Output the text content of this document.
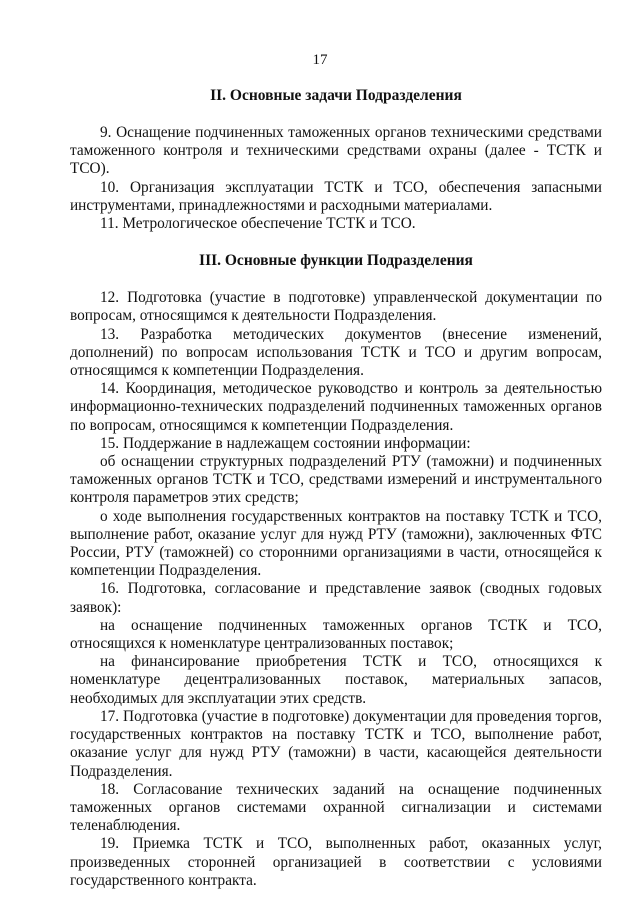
17
II. Основные задачи Подразделения

9. Оснащение подчиненных таможенных органов техническими средствами таможенного контроля и техническими средствами охраны (далее - ТСТК и ТСО).

10. Организация эксплуатации ТСТК и ТСО, обеспечения запасными инструментами, принадлежностями и расходными материалами.

11. Метрологическое обеспечение ТСТК и ТСО.

III. Основные функции Подразделения

12. Подготовка (участие в подготовке) управленческой документации по вопросам, относящимся к деятельности Подразделения.

13. Разработка методических документов (внесение изменений, дополнений) по вопросам использования ТСТК и ТСО и другим вопросам, относящимся к компетенции Подразделения.

14. Координация, методическое руководство и контроль за деятельностью информационно-технических подразделений подчиненных таможенных органов по вопросам, относящимся к компетенции Подразделения.

15. Поддержание в надлежащем состоянии информации:

об оснащении структурных подразделений РТУ (таможни) и подчиненных таможенных органов ТСТК и ТСО, средствами измерений и инструментального контроля параметров этих средств;

о ходе выполнения государственных контрактов на поставку ТСТК и ТСО, выполнение работ, оказание услуг для нужд РТУ (таможни), заключенных ФТС России, РТУ (таможней) со сторонними организациями в части, относящейся к компетенции Подразделения.

16. Подготовка, согласование и представление заявок (сводных годовых заявок):

на оснащение подчиненных таможенных органов ТСТК и ТСО, относящихся к номенклатуре централизованных поставок;

на финансирование приобретения ТСТК и ТСО, относящихся к номенклатуре децентрализованных поставок, материальных запасов, необходимых для эксплуатации этих средств.

17. Подготовка (участие в подготовке) документации для проведения торгов, государственных контрактов на поставку ТСТК и ТСО, выполнение работ, оказание услуг для нужд РТУ (таможни) в части, касающейся деятельности Подразделения.

18. Согласование технических заданий на оснащение подчиненных таможенных органов системами охранной сигнализации и системами теленаблюдения.

19. Приемка ТСТК и ТСО, выполненных работ, оказанных услуг, произведенных сторонней организацией в соответствии с условиями государственного контракта.
